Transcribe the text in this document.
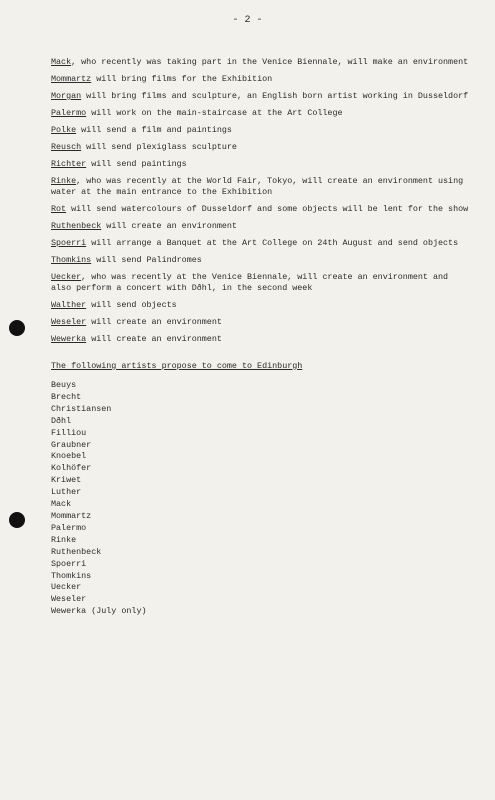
- 2 -

Mack, who recently was taking part in the Venice Biennale, will make an environment

Mommartz will bring films for the Exhibition

Morgan will bring films and sculpture, an English born artist working in Dusseldorf

Palermo will work on the main-staircase at the Art College

Polke will send a film and paintings

Reusch will send plexiglass sculpture

Richter will send paintings

Rinke, who was recently at the World Fair, Tokyo, will create an environment using water at the main entrance to the Exhibition

Rot will send watercolours of Dusseldorf and some objects will be lent for the show

Ruthenbeck will create an environment

Spoerri will arrange a Banquet at the Art College on 24th August and send objects

Thomkins will send Palindromes

Uecker, who was recently at the Venice Biennale, will create an environment and also perform a concert with Dðhl, in the second week

Walther will send objects

Weseler will create an environment

Wewerka will create an environment

The following artists propose to come to Edinburgh
Beuys
Brecht
Christiansen
Dðhl
Filliou
Graubner
Knoebel
Kolhöfer
Kriwet
Luther
Mack
Mommartz
Palermo
Rinke
Ruthenbeck
Spoerri
Thomkins
Uecker
Weseler
Wewerka (July only)
